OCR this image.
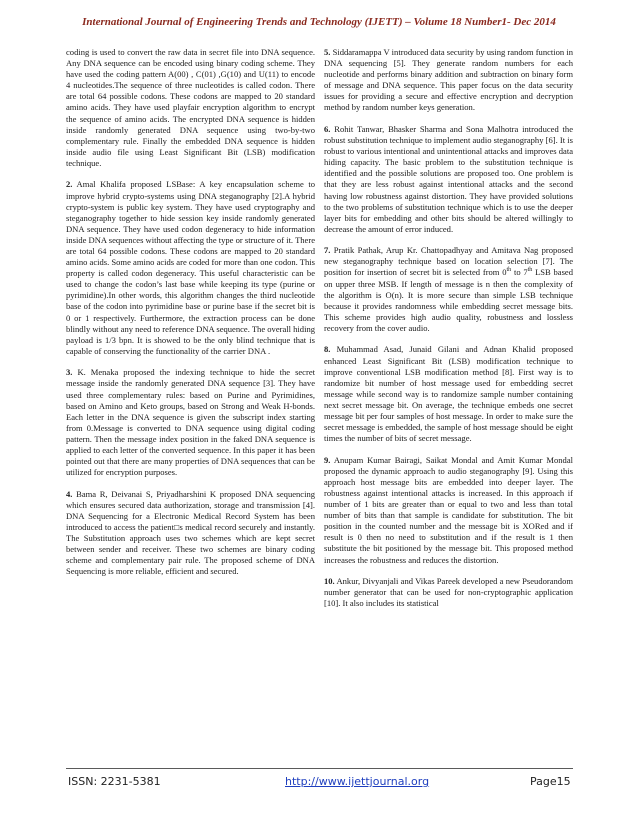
International Journal of Engineering Trends and Technology (IJETT) – Volume 18 Number1- Dec 2014

coding is used to convert the raw data in secret file into DNA sequence. Any DNA sequence can be encoded using binary coding scheme. They have used the coding pattern A(00) , C(01) ,G(10) and U(11) to encode 4 nucleotides.The sequence of three nucleotides is called codon. There are total 64 possible codons. These codons are mapped to 20 standard amino acids. They have used playfair encryption algorithm to encrypt the sequence of amino acids. The encrypted DNA sequence is hidden inside randomly generated DNA sequence using two-by-two complementary rule. Finally the embedded DNA sequence is hidden inside audio file using Least Significant Bit (LSB) modification technique.

2. Amal Khalifa proposed LSBase: A key encapsulation scheme to improve hybrid crypto-systems using DNA steganography [2].A hybrid crypto-system is public key system. They have used cryptography and steganography together to hide session key inside randomly generated DNA sequence. They have used codon degeneracy to hide information inside DNA sequences without affecting the type or structure of it. There are total 64 possible codons. These codons are mapped to 20 standard amino acids. Some amino acids are coded for more than one codon. This property is called codon degeneracy. This useful characteristic can be used to change the codon’s last base while keeping its type (purine or pyrimidine).In other words, this algorithm changes the third nucleotide base of the codon into pyrimidine base or purine base if the secret bit is 0 or 1 respectively. Furthermore, the extraction process can be done blindly without any need to reference DNA sequence. The overall hiding payload is 1/3 bpn. It is showed to be the only blind technique that is capable of conserving the functionality of the carrier DNA .

3. K. Menaka proposed the indexing technique to hide the secret message inside the randomly generated DNA sequence [3]. They have used three complementary rules: based on Purine and Pyrimidines, based on Amino and Keto groups, based on Strong and Weak H-bonds. Each letter in the DNA sequence is given the subscript index starting from 0.Message is converted to DNA sequence using digital coding pattern. Then the message index position in the faked DNA sequence is applied to each letter of the converted sequence. In this paper it has been pointed out that there are many properties of DNA sequences that can be utilized for encryption purposes.

4. Bama R, Deivanai S, Priyadharshini K proposed DNA sequencing which ensures secured data authorization, storage and transmission [4]. DNA Sequencing for a Electronic Medical Record System has been introduced to access the patient□s medical record securely and instantly. The Substitution approach uses two schemes which are kept secret between sender and receiver. These two schemes are binary coding scheme and complementary pair rule. The proposed scheme of DNA Sequencing is more reliable, efficient and secured.

5. Siddaramappa V introduced data security by using random function in DNA sequencing [5]. They generate random numbers for each nucleotide and performs binary addition and subtraction on binary form of message and DNA sequence. This paper focus on the data security issues for providing a secure and effective encryption and decryption method by random number keys generation.

6. Rohit Tanwar, Bhasker Sharma and Sona Malhotra introduced the robust substitution technique to implement audio steganography [6]. It is robust to various intentional and unintentional attacks and improves data hiding capacity. The basic problem to the substitution technique is identified and the possible solutions are proposed too. One problem is that they are less robust against intentional attacks and the second having low robustness against distortion. They have provided solutions to the two problems of substitution technique which is to use the deeper layer bits for embedding and other bits should be altered willingly to decrease the amount of error induced.

7. Pratik Pathak, Arup Kr. Chattopadhyay and Amitava Nag proposed new steganography technique based on location selection [7]. The position for insertion of secret bit is selected from 0th to 7th LSB based on upper three MSB. If length of message is n then the complexity of the algorithm is O(n). It is more secure than simple LSB technique because it provides randomness while embedding secret message bits. This scheme provides high audio quality, robustness and lossless recovery from the cover audio.

8. Muhammad Asad, Junaid Gilani and Adnan Khalid proposed enhanced Least Significant Bit (LSB) modification technique to improve conventional LSB modification method [8]. First way is to randomize bit number of host message used for embedding secret message while second way is to randomize sample number containing next secret message bit. On average, the technique embeds one secret message bit per four samples of host message. In order to make sure the secret message is embedded, the sample of host message should be eight times the number of bits of secret message.

9. Anupam Kumar Bairagi, Saikat Mondal and Amit Kumar Mondal proposed the dynamic approach to audio steganography [9]. Using this approach host message bits are embedded into deeper layer. The robustness against intentional attacks is increased. In this approach if number of 1 bits are greater than or equal to two and less than total number of bits than that sample is candidate for substitution. The bit position in the counted number and the message bit is XORed and if result is 0 then no need to substitution and if the result is 1 then substitute the bit positioned by the message bit. This proposed method increases the robustness and reduces the distortion.

10. Ankur, Divyanjali and Vikas Pareek developed a new Pseudorandom number generator that can be used for non-cryptographic application [10]. It also includes its statistical

ISSN: 2231-5381	http://www.ijettjournal.org	Page15
